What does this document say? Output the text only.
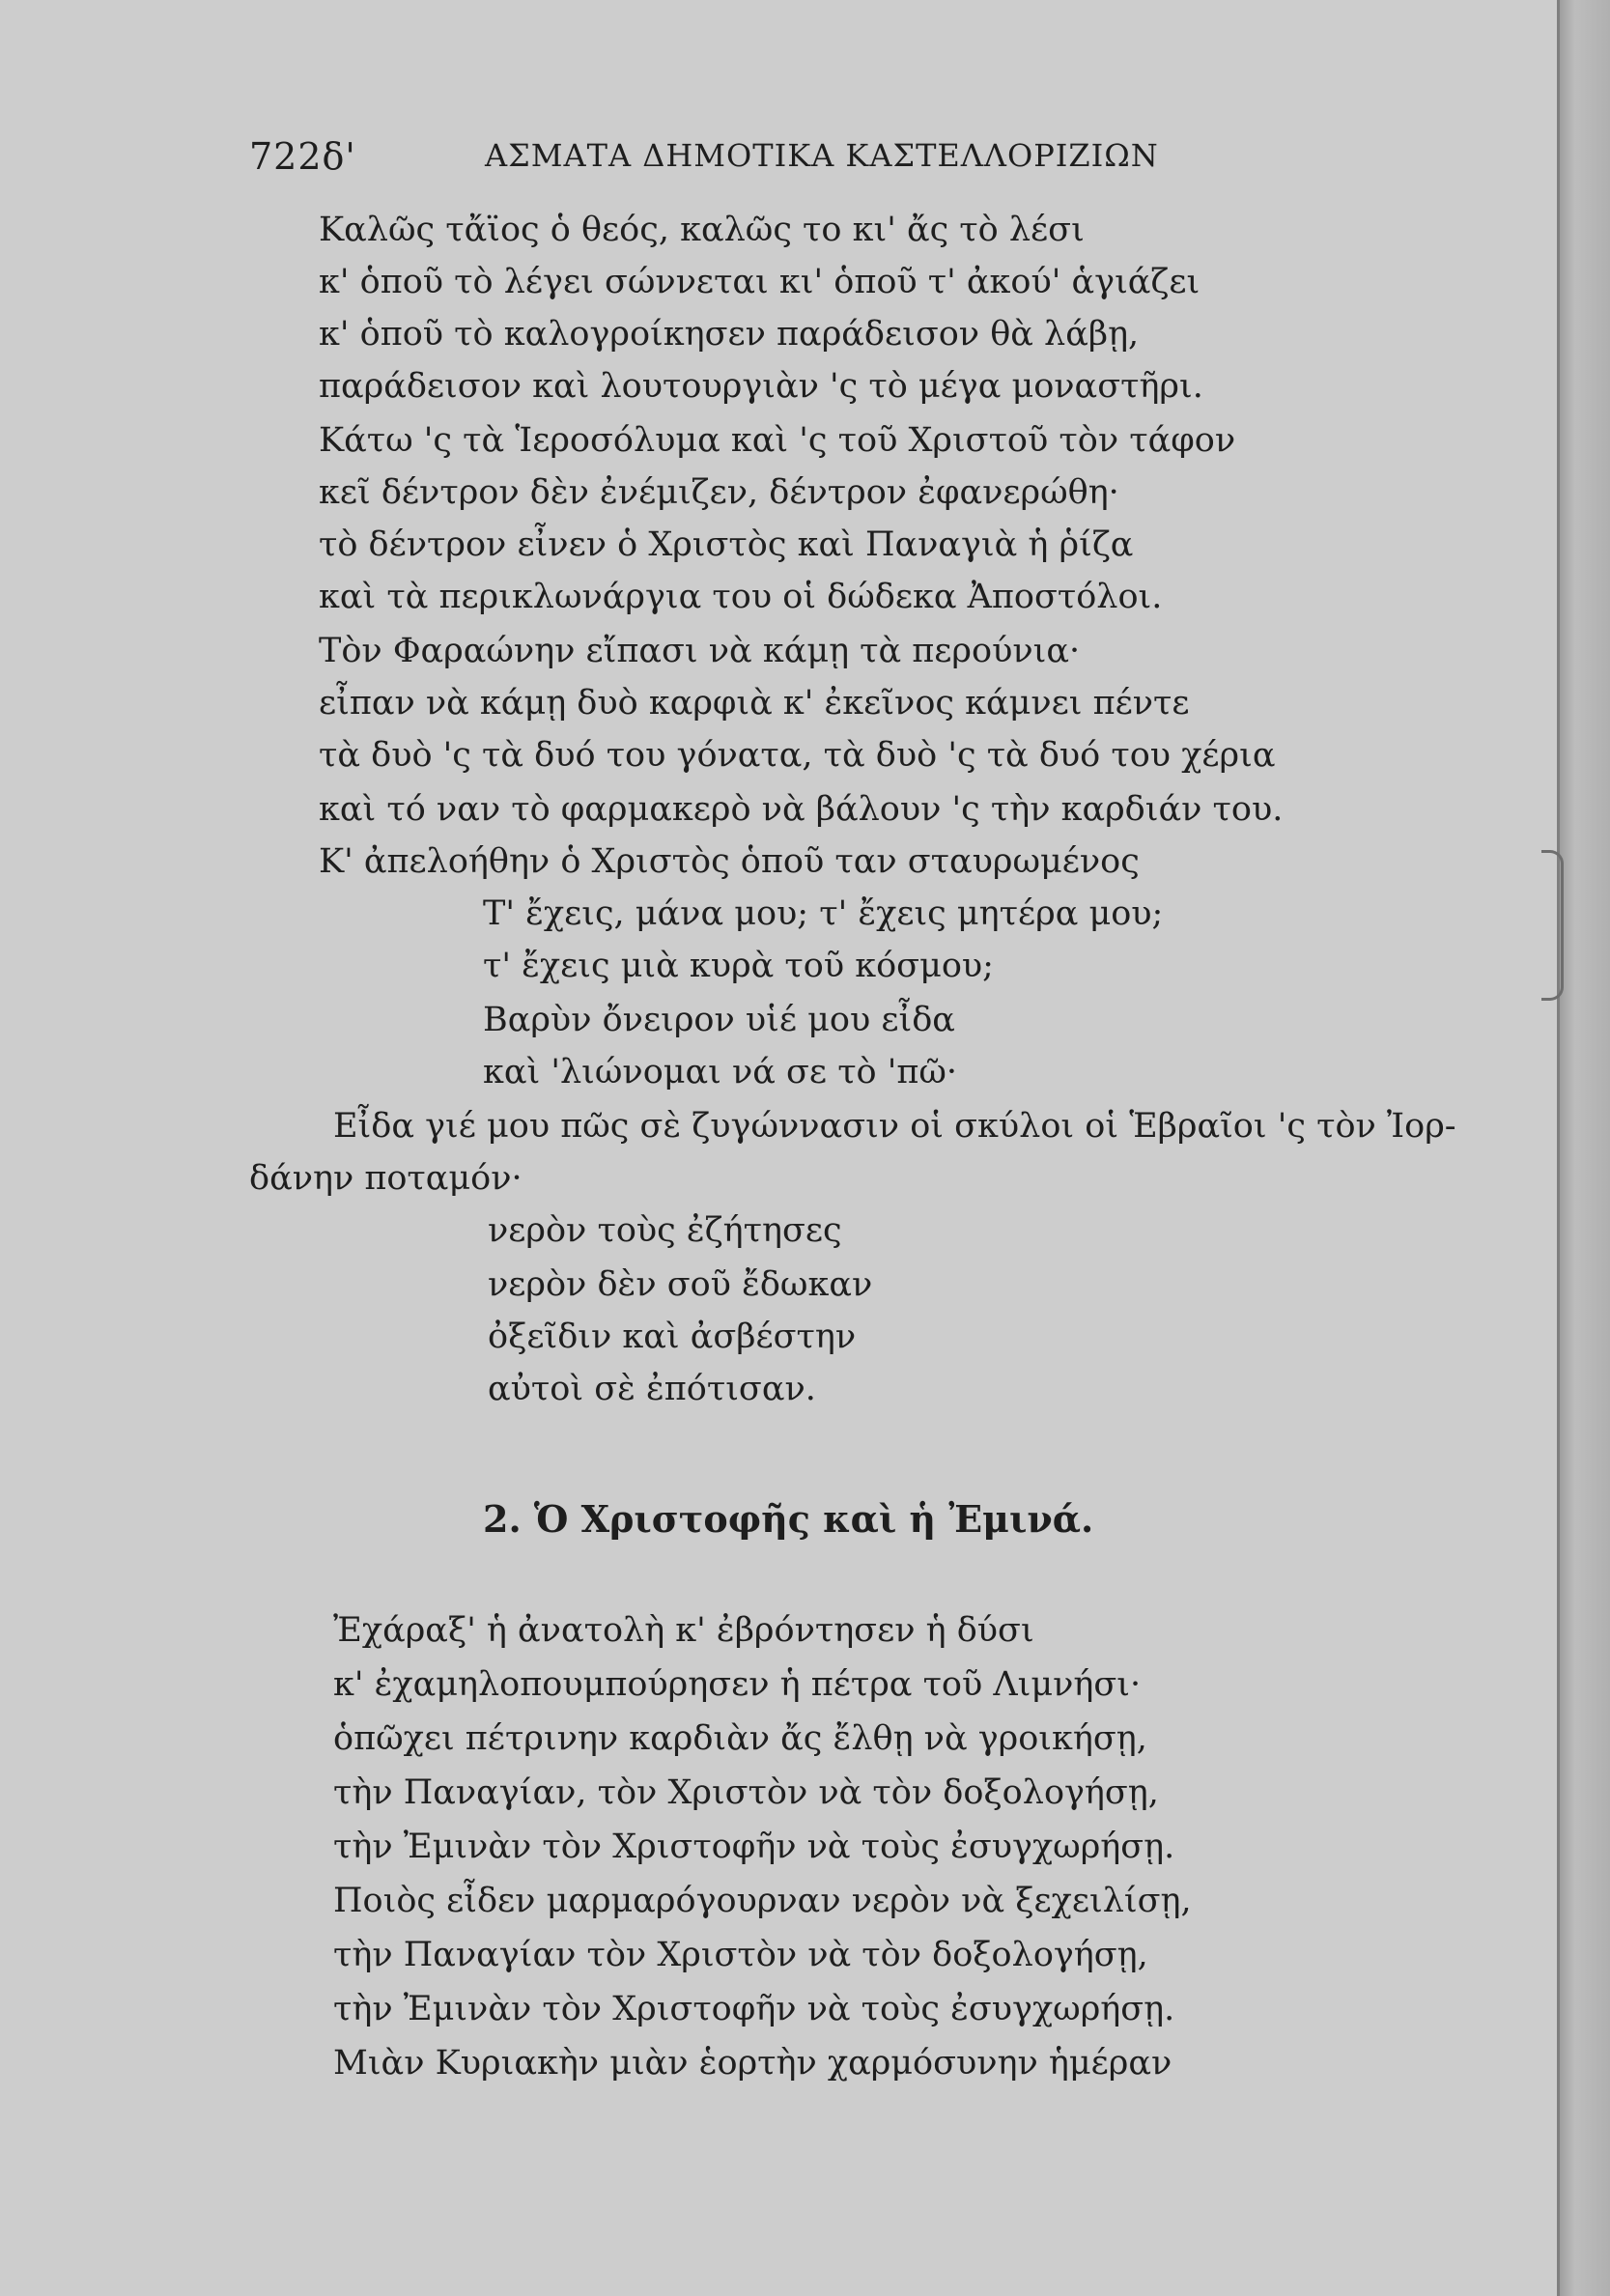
722δ'	ΑΣΜΑΤΑ ΔΗΜΟΤΙΚΑ ΚΑΣΤΕΛΛΟΡΙΖΙΩΝ
Καλῶς τἄϊος ὁ θεός, καλῶς το κι' ἄς τὸ λέσι
κ' ὁποῦ τὸ λέγει σώννεται κι' ὁποῦ τ' ἀκού' ἁγιάζει
κ' ὁποῦ τὸ καλογροίκησεν παράδεισον θὰ λάβῃ,
παράδεισον καὶ λουτουργιὰν 'ς τὸ μέγα μοναστῆρι.
Κάτω 'ς τὰ Ἱεροσόλυμα καὶ 'ς τοῦ Χριστοῦ τὸν τάφον
κεῖ δέντρον δὲν ἐνέμιζεν, δέντρον ἐφανερώθη·
τὸ δέντρον εἶνεν ὁ Χριστὸς καὶ Παναγιὰ ἡ ῥίζα
καὶ τὰ περικλωνάργια του οἱ δώδεκα Ἀποστόλοι.
Τὸν Φαραώνην εἴπασι νὰ κάμῃ τὰ περούνια·
εἶπαν νὰ κάμῃ δυὸ καρφιὰ κ' ἐκεῖνος κάμνει πέντε
τὰ δυὸ 'ς τὰ δυό του γόνατα, τὰ δυὸ 'ς τὰ δυό του χέρια
καὶ τό ναν τὸ φαρμακερὸ νὰ βάλουν 'ς τὴν καρδιάν του.
Κ' ἀπελοήθην ὁ Χριστὸς ὁποῦ ταν σταυρωμένος
Τ' ἔχεις, μάνα μου; τ' ἔχεις μητέρα μου;
τ' ἔχεις μιὰ κυρὰ τοῦ κόσμου;
Βαρὺν ὄνειρον υἱέ μου εἶδα
καὶ 'λιώνομαι νά σε τὸ 'πῶ·
Εἶδα γιέ μου πῶς σὲ ζυγώννασιν οἱ σκύλοι οἱ Ἑβραῖοι 'ς τὸν Ἰορ-
δάνην ποταμόν·
νερὸν τοὺς ἐζήτησες
νερὸν δὲν σοῦ ἔδωκαν
ὀξεῖδιν καὶ ἀσβέστην
αὐτοὶ σὲ ἐπότισαν.
2. Ὁ Χριστοφῆς καὶ ἡ Ἐμινά.
Ἐχάραξ' ἡ ἀνατολὴ κ' ἐβρόντησεν ἡ δύσι
κ' ἐχαμηλοπουμπούρησεν ἡ πέτρα τοῦ Λιμνήσι·
ὁπῶχει πέτρινην καρδιὰν ἄς ἔλθῃ νὰ γροικήσῃ,
τὴν Παναγίαν, τὸν Χριστὸν νὰ τὸν δοξολογήσῃ,
τὴν Ἐμινὰν τὸν Χριστοφῆν νὰ τοὺς ἐσυγχωρήσῃ.
Ποιὸς εἶδεν μαρμαρόγουρναν νερὸν νὰ ξεχειλίσῃ,
τὴν Παναγίαν τὸν Χριστὸν νὰ τὸν δοξολογήσῃ,
τὴν Ἐμινὰν τὸν Χριστοφῆν νὰ τοὺς ἐσυγχωρήσῃ.
Μιὰν Κυριακὴν μιὰν ἑορτὴν χαρμόσυνην ἡμέραν
